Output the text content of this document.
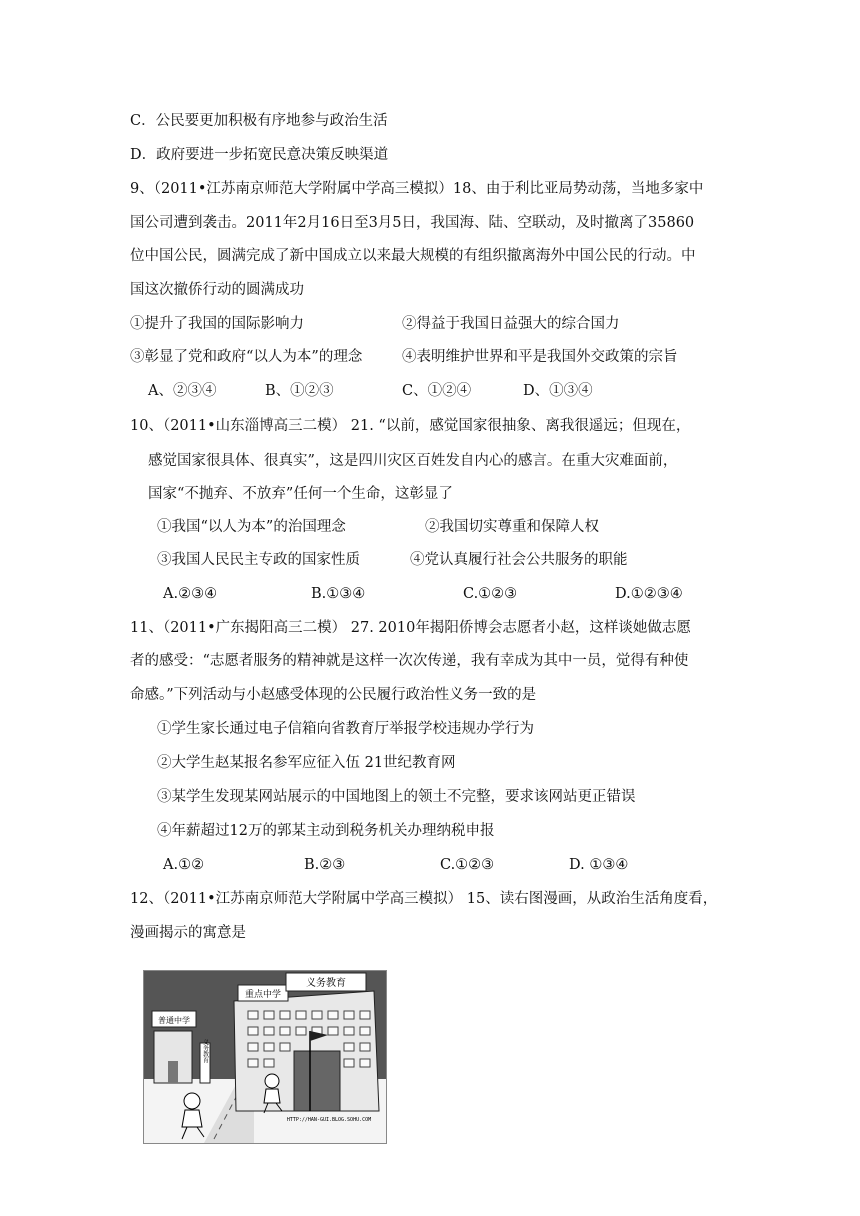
C．公民要更加积极有序地参与政治生活
D．政府要进一步拓宽民意决策反映渠道
9、（2011•江苏南京师范大学附属中学高三模拟）18、由于利比亚局势动荡，当地多家中
国公司遭到袭击。2011年2月16日至3月5日，我国海、陆、空联动，及时撤离了35860
位中国公民，圆满完成了新中国成立以来最大规模的有组织撤离海外中国公民的行动。中
国这次撤侨行动的圆满成功
①提升了我国的国际影响力	②得益于我国日益强大的综合国力
③彰显了党和政府“以人为本”的理念	④表明维护世界和平是我国外交政策的宗旨
A、②③④	B、①②③	C、①②④	D、①③④
10、（2011•山东淄博高三二模） 21. “以前，感觉国家很抽象、离我很遥远；但现在，
感觉国家很具体、很真实”，这是四川灾区百姓发自内心的感言。在重大灾难面前，
国家“不抛弃、不放弃”任何一个生命，这彰显了
①我国“以人为本”的治国理念	②我国切实尊重和保障人权
③我国人民民主专政的国家性质	④党认真履行社会公共服务的职能
A.②③④	B.①③④	C.①②③	D.①②③④
11、（2011•广东揭阳高三二模） 27. 2010年揭阳侨博会志愿者小赵，这样谈她做志愿
者的感受：“志愿者服务的精神就是这样一次次传递，我有幸成为其中一员，觉得有种使
命感。”下列活动与小赵感受体现的公民履行政治性义务一致的是
①学生家长通过电子信箱向省教育厅举报学校违规办学行为
②大学生赵某报名参军应征入伍 21世纪教育网
③某学生发现某网站展示的中国地图上的领土不完整，要求该网站更正错误
④年薪超过12万的郭某主动到税务机关办理纳税申报
A.①②	B.②③	C.①②③	D. ①③④
12、（2011•江苏南京师范大学附属中学高三模拟） 15、读右图漫画，从政治生活角度看，
漫画揭示的寓意是
普通中学
义务教育
重点中学
义务教育
HTTP://HAN-GUI.BLOG.SOHU.COM
